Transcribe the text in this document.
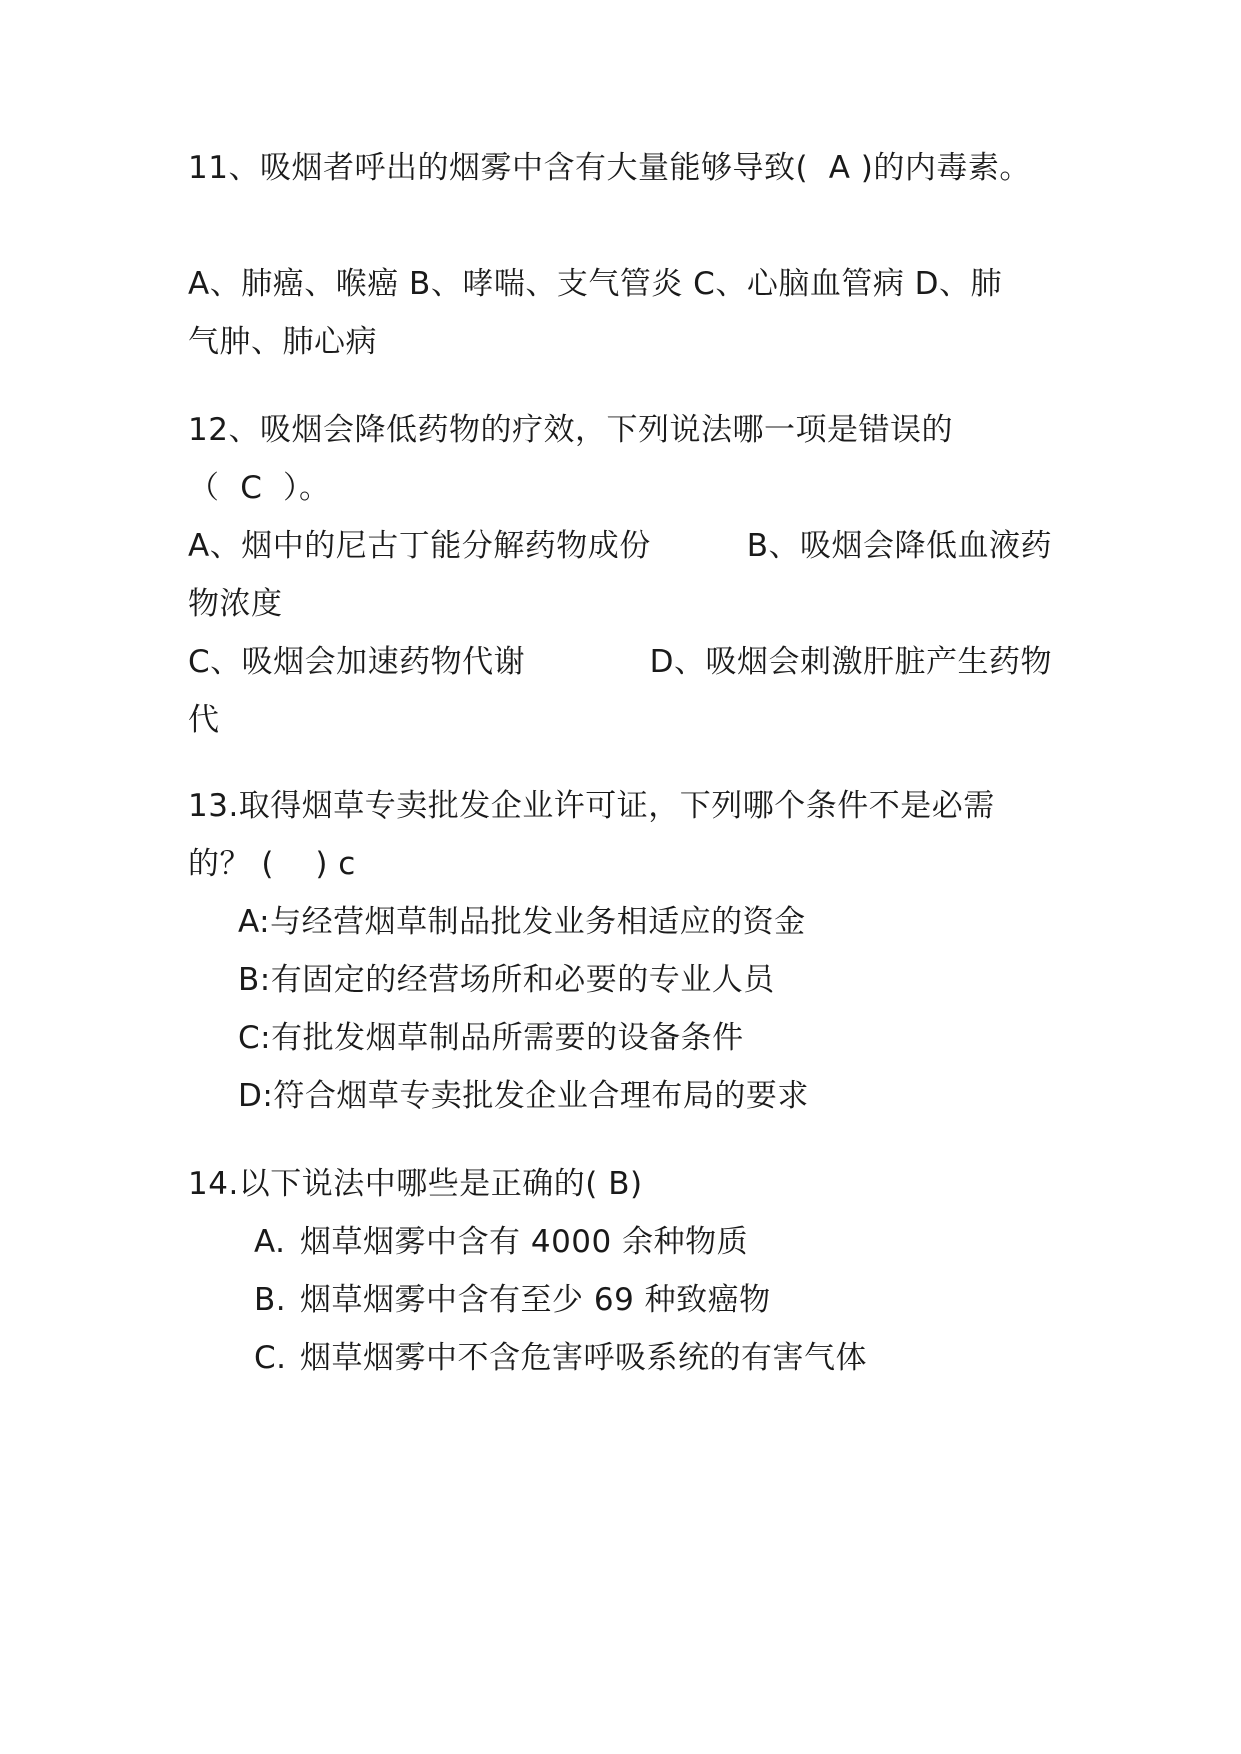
11、吸烟者呼出的烟雾中含有大量能够导致(  A )的内毒素。
A、肺癌、喉癌 B、哮喘、支气管炎 C、心脑血管病 D、肺
气肿、肺心病
12、吸烟会降低药物的疗效，下列说法哪一项是错误的
（  C  ）。
A、烟中的尼古丁能分解药物成份	B、吸烟会降低血液药
物浓度
C、吸烟会加速药物代谢	D、吸烟会刺激肝脏产生药物
代
13.取得烟草专卖批发企业许可证，下列哪个条件不是必需
的？ (    ) c
A:与经营烟草制品批发业务相适应的资金
B:有固定的经营场所和必要的专业人员
C:有批发烟草制品所需要的设备条件
D:符合烟草专卖批发企业合理布局的要求
14.以下说法中哪些是正确的( B)
A. 烟草烟雾中含有 4000 余种物质
B. 烟草烟雾中含有至少 69 种致癌物
C. 烟草烟雾中不含危害呼吸系统的有害气体
